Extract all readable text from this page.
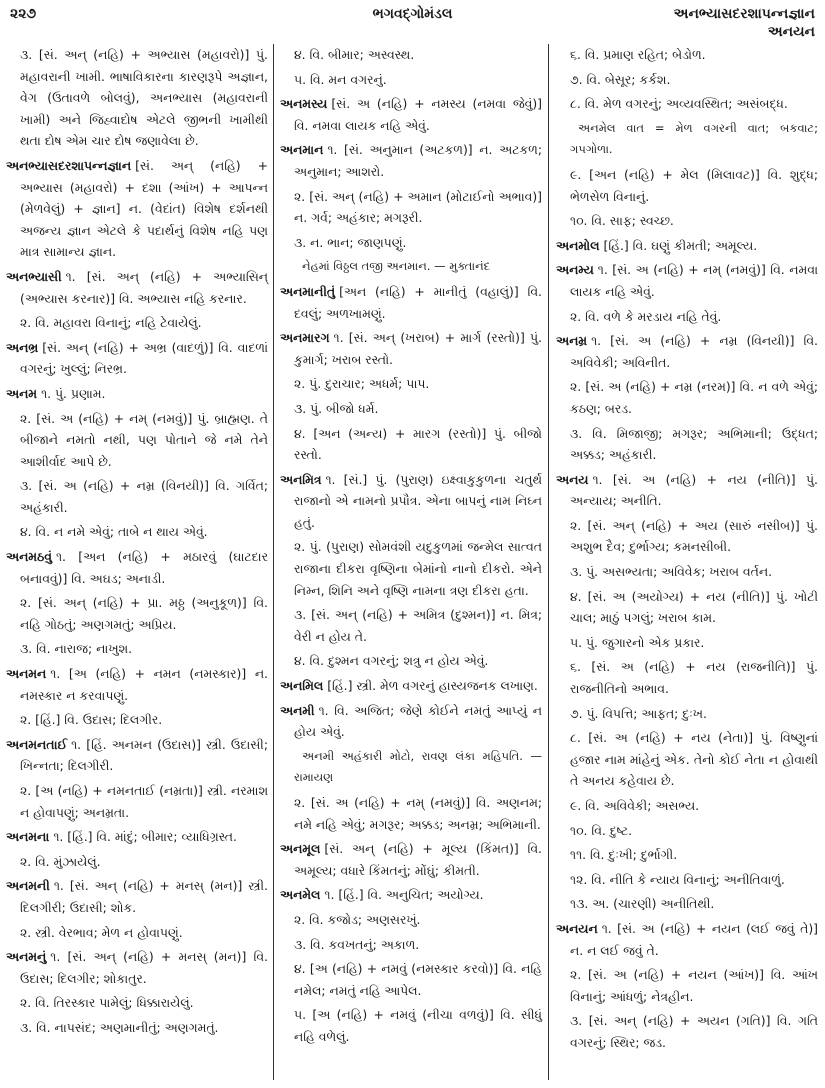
૨૨૭	ભગવદ્ગોમંડલ	અનભ્યાસદરશાપન્નજ્ઞાન
અનયન

૩. [સં. અન્ (નહિ) + અભ્યાસ (મહાવરો)] પું. મહાવરાની ખામી. ભાષાવિકારના કારણરૂપે અજ્ઞાન, વેગ (ઉતાવળે બોલવું), અનભ્યાસ (મહાવરાની ખામી) અને જિહ્વાદોષ એટલે જીભની ખામીથી થતા દોષ એમ ચાર દોષ જણાવેલા છે.

અનભ્યાસદરશાપન્નજ્ઞાન [સં. અન્ (નહિ) + અભ્યાસ (મહાવરો) + દશા (આંખ) + આપન્ન (મેળવેલું) + જ્ઞાન] ન. (વેદાંત) વિશેષ દર્શનથી અજન્ય જ્ઞાન એટલે કે પદાર્થનું વિશેષ નહિ પણ માત્ર સામાન્ય જ્ઞાન.

અનભ્યાસી ૧. [સં. અન્ (નહિ) + અભ્યાસિન્ (અભ્યાસ કરનાર)] વિ. અભ્યાસ નહિ કરનાર.

૨. વિ. મહાવરા વિનાનું; નહિ ટેવાયેલું.

અનભ્ર [સં. અન્ (નહિ) + અભ્ર (વાદળું)] વિ. વાદળાં વગરનું; ખુલ્લું; નિરભ્ર.

અનમ ૧. પું. પ્રણામ.

૨. [સં. અ (નહિ) + નમ્ (નમવું)] પું. બ્રાહ્મણ. તે બીજાને નમતો નથી, પણ પોતાને જે નમે તેને આશીર્વાદ આપે છે.

૩. [સં. અ (નહિ) + નમ્ર (વિનયી)] વિ. ગર્વિત; અહંકારી.

૪. વિ. ન નમે એવું; તાબે ન થાય એવું.

અનમઠવું ૧. [અન (નહિ) + મઠારવું (ઘાટદાર બનાવવું)] વિ. અઘડ; અનાડી.

૨. [સં. અન્ (નહિ) + પ્રા. મઠ્ઠ (અનુકૂળ)] વિ. નહિ ગોઠતું; અણગમતું; અપ્રિય.

૩. વિ. નારાજ; નાખુશ.

અનમન ૧. [અ (નહિ) + નમન (નમસ્કાર)] ન. નમસ્કાર ન કરવાપણું.

૨. [હિં.] વિ. ઉદાસ; દિલગીર.

અનમનતાઈ ૧. [હિં. અનમન (ઉદાસ)] સ્ત્રી. ઉદાસી; ખિન્નતા; દિલગીરી.

૨. [અ (નહિ) + નમનતાઈ (નમ્રતા)] સ્ત્રી. નરમાશ ન હોવાપણું; અનમ્રતા.

અનમના ૧. [હિં.] વિ. માંદું; બીમાર; વ્યાધિગ્રસ્ત.

૨. વિ. મુંઝાયેલું.

અનમની ૧. [સં. અન્ (નહિ) + મનસ્ (મન)] સ્ત્રી. દિલગીરી; ઉદાસી; શોક.

૨. સ્ત્રી. વેરભાવ; મેળ ન હોવાપણું.

અનમનું ૧. [સં. અન્ (નહિ) + મનસ્ (મન)] વિ. ઉદાસ; દિલગીર; શોકાતુર.

૨. વિ. તિરસ્કાર પામેલું; ધિક્કારાયેલું.

૩. વિ. નાપસંદ; અણમાનીતું; અણગમતું.

૪. વિ. બીમાર; અસ્વસ્થ.

૫. વિ. મન વગરનું.

અનમસ્ય [સં. અ (નહિ) + નમસ્ય (નમવા જેવું)] વિ. નમવા લાયક નહિ એવું.

અનમાન ૧. [સં. અનુમાન (અટકળ)] ન. અટકળ; અનુમાન; આશરો.

૨. [સં. અન્ (નહિ) + અમાન (મોટાઈનો અભાવ)] ન. ગર્વ; અહંકાર; મગરૂરી.

૩. ન. ભાન; જાણપણું.

નેહમાં વિઠ્ઠલ તજી અનમાન. — મુક્તાનંદ

અનમાનીતું [અન (નહિ) + માનીતું (વહાલું)] વિ. દવલું; અળખામણું.

અનમારગ ૧. [સં. અન્ (ખરાબ) + માર્ગ (રસ્તો)] પું. કુમાર્ગ; ખરાબ રસ્તો.

૨. પું. દુરાચાર; અધર્મ; પાપ.

૩. પું. બીજો ધર્મ.

૪. [અન (અન્ય) + મારગ (રસ્તો)] પું. બીજો રસ્તો.

અનમિત્ર ૧. [સં.] પું. (પુરાણ) ઇક્ષ્વાકુકુળના ચતુર્થ રાજાનો એ નામનો પ્રપૌત્ર. એના બાપનું નામ નિઘ્ન હતું.

૨. પું. (પુરાણ) સોમવંશી યદુકુળમાં જન્મેલ સાત્વત રાજાના દીકરા વૃષ્ણિના બેમાંનો નાનો દીકરો. એને નિમ્ન, શિનિ અને વૃષ્ણિ નામના ત્રણ દીકરા હતા.

૩. [સં. અન્ (નહિ) + અમિત્ર (દુશ્મન)] ન. મિત્ર; વેરી ન હોય તે.

૪. વિ. દુશ્મન વગરનું; શત્રુ ન હોય એવું.

અનમિલ [હિં.] સ્ત્રી. મેળ વગરનું હાસ્યજનક લખાણ.

અનમી ૧. વિ. અજિત; જેણે કોઈને નમતું આપ્યું ન હોય એવું.

અનમી અહંકારી મોટો, રાવણ લંકા મહિપતિ. — રામાયણ

૨. [સં. અ (નહિ) + નમ્ (નમવું)] વિ. અણનમ; નમે નહિ એવું; મગરૂર; અક્કડ; અનમ્ર; અભિમાની.

અનમૂલ [સં. અન્ (નહિ) + મૂલ્ય (કિંમત)] વિ. અમૂલ્ય; વધારે કિંમતનું; મોંઘું; કીમતી.

અનમેલ ૧. [હિં.] વિ. અનુચિત; અયોગ્ય.

૨. વિ. કજોડ; અણસરખું.

૩. વિ. કવખતનું; અકાળ.

૪. [અ (નહિ) + નમવું (નમસ્કાર કરવો)] વિ. નહિ નમેલ; નમતું નહિ આપેલ.

૫. [અ (નહિ) + નમવું (નીચા વળવું)] વિ. સીધું નહિ વળેલું.

૬. વિ. પ્રમાણ રહિત; બેડોળ.

૭. વિ. બેસૂર; કર્કશ.

૮. વિ. મેળ વગરનું; અવ્યવસ્થિત; અસંબદ્ધ.

અનમેલ વાત = મેળ વગરની વાત; બકવાટ; ગપગોળા.

૯. [અન (નહિ) + મેલ (મિલાવટ)] વિ. શુદ્ધ; ભેળસેળ વિનાનું.

૧૦. વિ. સાફ; સ્વચ્છ.

અનમોલ [હિં.] વિ. ઘણું કીમતી; અમૂલ્ય.

અનમ્ય ૧. [સં. અ (નહિ) + નમ્ (નમવું)] વિ. નમવા લાયક નહિ એવું.

૨. વિ. વળે કે મરડાય નહિ તેવું.

અનમ્ર ૧. [સં. અ (નહિ) + નમ્ર (વિનયી)] વિ. અવિવેકી; અવિનીત.

૨. [સં. અ (નહિ) + નમ્ર (નરમ)] વિ. ન વળે એવું; કઠણ; બરડ.

૩. વિ. મિજાજી; મગરૂર; અભિમાની; ઉદ્ધત; અક્કડ; અહંકારી.

અનય ૧. [સં. અ (નહિ) + નય (નીતિ)] પું. અન્યાય; અનીતિ.

૨. [સં. અન્ (નહિ) + અય (સારું નસીબ)] પું. અશુભ દૈવ; દુર્ભાગ્ય; કમનસીબી.

૩. પું. અસભ્યતા; અવિવેક; ખરાબ વર્તન.

૪. [સં. અ (અયોગ્ય) + નય (નીતિ)] પું. ખોટી ચાલ; માઠું પગલું; ખરાબ કામ.

૫. પું. જુગારનો એક પ્રકાર.

૬. [સં. અ (નહિ) + નય (રાજનીતિ)] પું. રાજનીતિનો અભાવ.

૭. પું. વિપત્તિ; આફત; દુઃખ.

૮. [સં. અ (નહિ) + નય (નેતા)] પું. વિષ્ણુનાં હજાર નામ માંહેનું એક. તેનો કોઈ નેતા ન હોવાથી તે અનય કહેવાય છે.

૯. વિ. અવિવેકી; અસભ્ય.

૧૦. વિ. દુષ્ટ.

૧૧. વિ. દુઃખી; દુર્ભાગી.

૧૨. વિ. નીતિ કે ન્યાય વિનાનું; અનીતિવાળું.

૧૩. અ. (ચારણી) અનીતિથી.

અનયન ૧. [સં. અ (નહિ) + નયન (લઈ જવું તે)] ન. ન લઈ જવું તે.

૨. [સં. અ (નહિ) + નયન (આંખ)] વિ. આંખ વિનાનું; આંધળું; નેત્રહીન.

૩. [સં. અન્ (નહિ) + અયન (ગતિ)] વિ. ગતિ વગરનું; સ્થિર; જડ.
